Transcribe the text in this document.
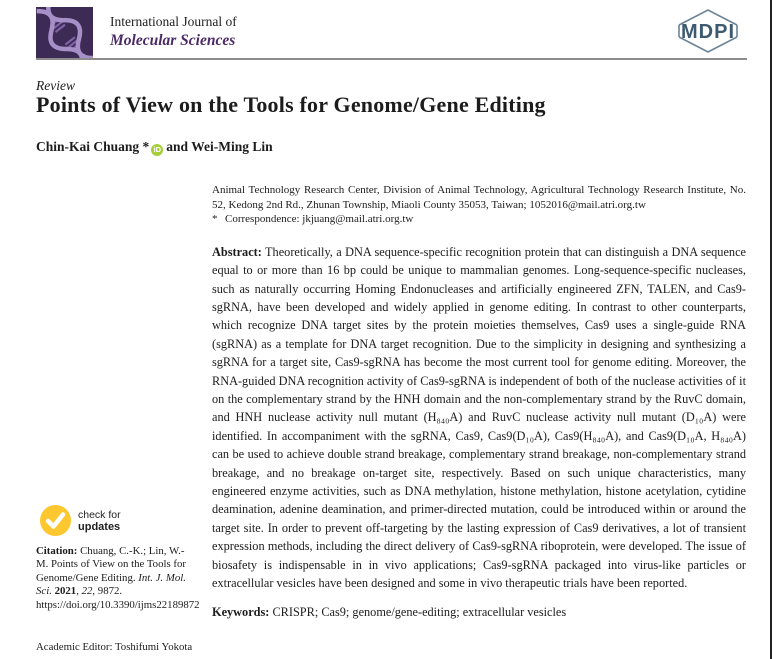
International Journal of
Molecular Sciences	MDPI
Review
Points of View on the Tools for Genome/Gene Editing
Chin-Kai Chuang * iD and Wei-Ming Lin
Animal Technology Research Center, Division of Animal Technology, Agricultural Technology Research Institute, No. 52, Kedong 2nd Rd., Zhunan Township, Miaoli County 35053, Taiwan; 1052016@mail.atri.org.tw
* Correspondence: jkjuang@mail.atri.org.tw

Abstract: Theoretically, a DNA sequence-specific recognition protein that can distinguish a DNA sequence equal to or more than 16 bp could be unique to mammalian genomes. Long-sequence-specific nucleases, such as naturally occurring Homing Endonucleases and artificially engineered ZFN, TALEN, and Cas9-sgRNA, have been developed and widely applied in genome editing. In contrast to other counterparts, which recognize DNA target sites by the protein moieties themselves, Cas9 uses a single-guide RNA (sgRNA) as a template for DNA target recognition. Due to the simplicity in designing and synthesizing a sgRNA for a target site, Cas9-sgRNA has become the most current tool for genome editing. Moreover, the RNA-guided DNA recognition activity of Cas9-sgRNA is independent of both of the nuclease activities of it on the complementary strand by the HNH domain and the non-complementary strand by the RuvC domain, and HNH nuclease activity null mutant (H₈₄₀A) and RuvC nuclease activity null mutant (D₁₀A) were identified. In accompaniment with the sgRNA, Cas9, Cas9(D₁₀A), Cas9(H₈₄₀A), and Cas9(D₁₀A, H₈₄₀A) can be used to achieve double strand breakage, complementary strand breakage, non-complementary strand breakage, and no breakage on-target site, respectively. Based on such unique characteristics, many engineered enzyme activities, such as DNA methylation, histone methylation, histone acetylation, cytidine deamination, adenine deamination, and primer-directed mutation, could be introduced within or around the target site. In order to prevent off-targeting by the lasting expression of Cas9 derivatives, a lot of transient expression methods, including the direct delivery of Cas9-sgRNA riboprotein, were developed. The issue of biosafety is indispensable in in vivo applications; Cas9-sgRNA packaged into virus-like particles or extracellular vesicles have been designed and some in vivo therapeutic trials have been reported.

Keywords: CRISPR; Cas9; genome/gene-editing; extracellular vesicles

check for
updates
Citation: Chuang, C.-K.; Lin, W.-M. Points of View on the Tools for Genome/Gene Editing. Int. J. Mol. Sci. 2021, 22, 9872. https://doi.org/10.3390/ijms22189872
Academic Editor: Toshifumi Yokota
